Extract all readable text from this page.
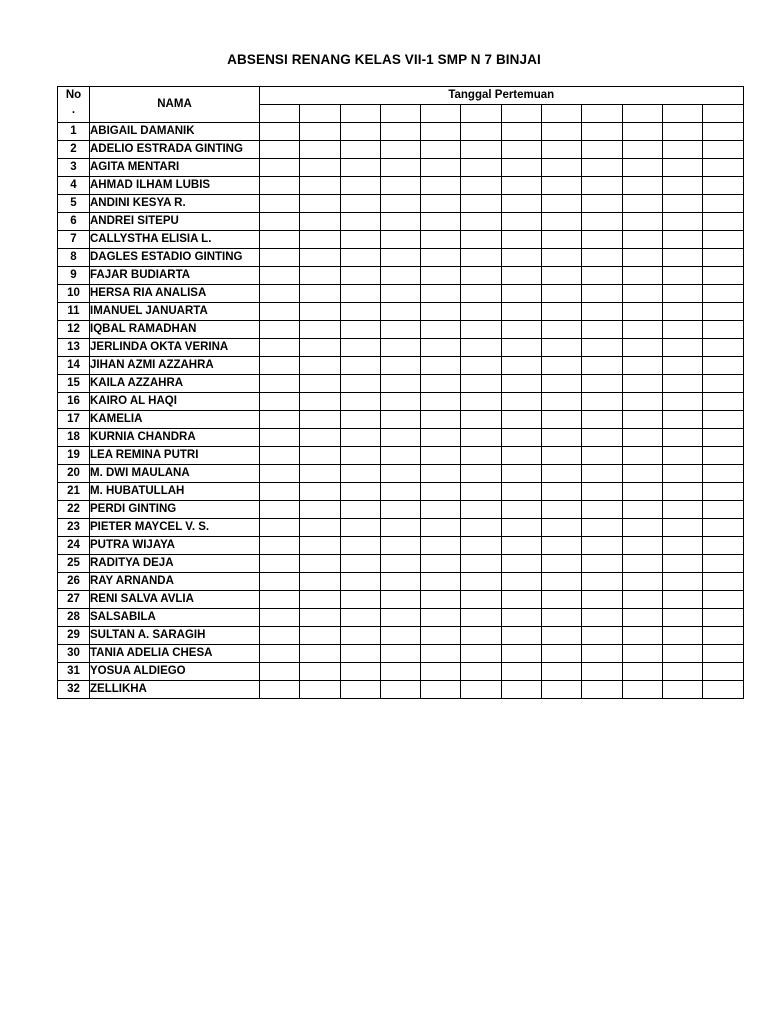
ABSENSI RENANG KELAS VII-1 SMP N 7 BINJAI
No
.	NAMA	Tanggal Pertemuan											

1	ABIGAIL DAMANIK												
2	ADELIO ESTRADA GINTING												
3	AGITA MENTARI												
4	AHMAD ILHAM LUBIS												
5	ANDINI KESYA R.												
6	ANDREI SITEPU												
7	CALLYSTHA ELISIA L.												
8	DAGLES ESTADIO GINTING												
9	FAJAR BUDIARTA												
10	HERSA RIA ANALISA												
11	IMANUEL JANUARTA												
12	IQBAL RAMADHAN												
13	JERLINDA OKTA VERINA												
14	JIHAN AZMI AZZAHRA												
15	KAILA AZZAHRA												
16	KAIRO AL HAQI												
17	KAMELIA												
18	KURNIA CHANDRA												
19	LEA REMINA PUTRI												
20	M. DWI MAULANA												
21	M. HUBATULLAH												
22	PERDI GINTING												
23	PIETER MAYCEL V. S.												
24	PUTRA WIJAYA												
25	RADITYA DEJA												
26	RAY ARNANDA												
27	RENI SALVA AVLIA												
28	SALSABILA												
29	SULTAN A. SARAGIH												
30	TANIA ADELIA CHESA												
31	YOSUA ALDIEGO												
32	ZELLIKHA												
